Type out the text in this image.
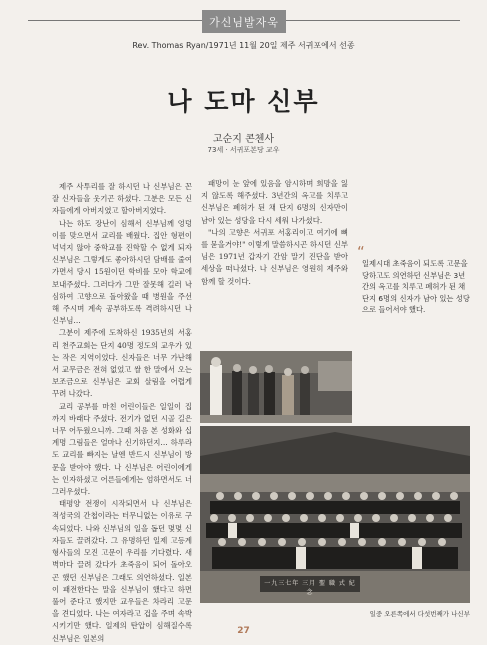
가신님발자욱
Rev. Thomas Ryan/1971년 11월 20일 제주 서귀포에서 선종
나 도마 신부
고순지 콘첸사
73세 · 서귀포본당 교우

제주 사투리를 잘 하시던 나 신부님은 꼰잘 신자들을 웃기곤 하셨다. 그분은 모든 신자들에게 아버지였고 할아버지였다.

나는 하도 장난이 심해서 신부님께 엉덩이를 맞으면서 교리를 배웠다. 집안 형편이 넉넉지 않아 중학교를 진학할 수 없게 되자 신부님은 그렇게도 좋아하시던 담배를 줄여가면서 당시 15원이던 학비를 모아 학교에 보내주셨다. 그러다가 그만 잘못해 길러 낙심하여 고향으로 돌아왔을 때 병원을 주선해 주시며 계속 공부하도록 격려하시던 나 신부님…

그분이 제주에 도착하신 1935년의 서홍리 천주교회는 단지 40명 정도의 교우가 있는 작은 지역이었다. 신자들은 너무 가난해서 교무금은 전혀 없었고 쌀 한 말에서 오는 보조금으로 신부님은 교회 살림을 어렵게 꾸려 나갔다.

교리 공부를 마친 어린이들은 일일이 집까지 바래다 주셨다. 전기가 없던 시골 길은 너무 어두웠으니까. 그때 처음 본 성화와 십계명 그림들은 얼마나 신기하던지… 하루라도 교리를 빠지는 날엔 반드시 신부님이 방문을 받아야 했다. 나 신부님은 어린이에게는 인자하셨고 어른들에게는 엄하면서도 너그러우셨다.

태평양 전쟁이 시작되면서 나 신부님은 적성국의 간첩이라는 터무니없는 이유로 구속되었다. 나와 신부님의 일을 돕던 몇몇 신자들도 끌려갔다. 그 유명하던 일제 고등계 형사들의 모진 고문이 우리를 기다렸다. 새벽마다 끌려 갔다가 초죽음이 되어 돌아오곤 했던 신부님은 그래도 의연하셨다. 일본이 패전한다는 말을 신부님이 했다고 하면 풀어 준다고 했지만 교우들은 차라리 고문을 견디었다. 나는 여자라고 겁을 주며 속박시키기만 했다. 일제의 탄압이 심해질수록 신부님은 일본의

패망이 눈 앞에 있음을 암시하며 희망을 잃지 않도록 해주셨다. 3년간의 옥고를 치루고 신부님은 폐허가 된 채 단지 6명의 신자만이 남아 있는 성당을 다시 세워 나가셨다.

"나의 고향은 서귀포 서홍리이고 여기에 뼈를 묻을거야!" 이렇게 말씀하시곤 하시던 신부님은 1971년 갑자기 간암 말기 진단을 받아 세상을 떠나셨다. 나 신부님은 영원히 제주와 함께 할 것이다.

“
일제시대 초죽음이 되도록 고문을 당하고도 의연하던 신부님은 3년 간의 옥고를 치루고 폐허가 된 채 단지 6명의 신자가 남아 있는 성당으로 들어서야 했다.
一九三七年 三月 聖 職 式 紀 念
일중 오른쪽에서 다섯번째가 나신부
27
